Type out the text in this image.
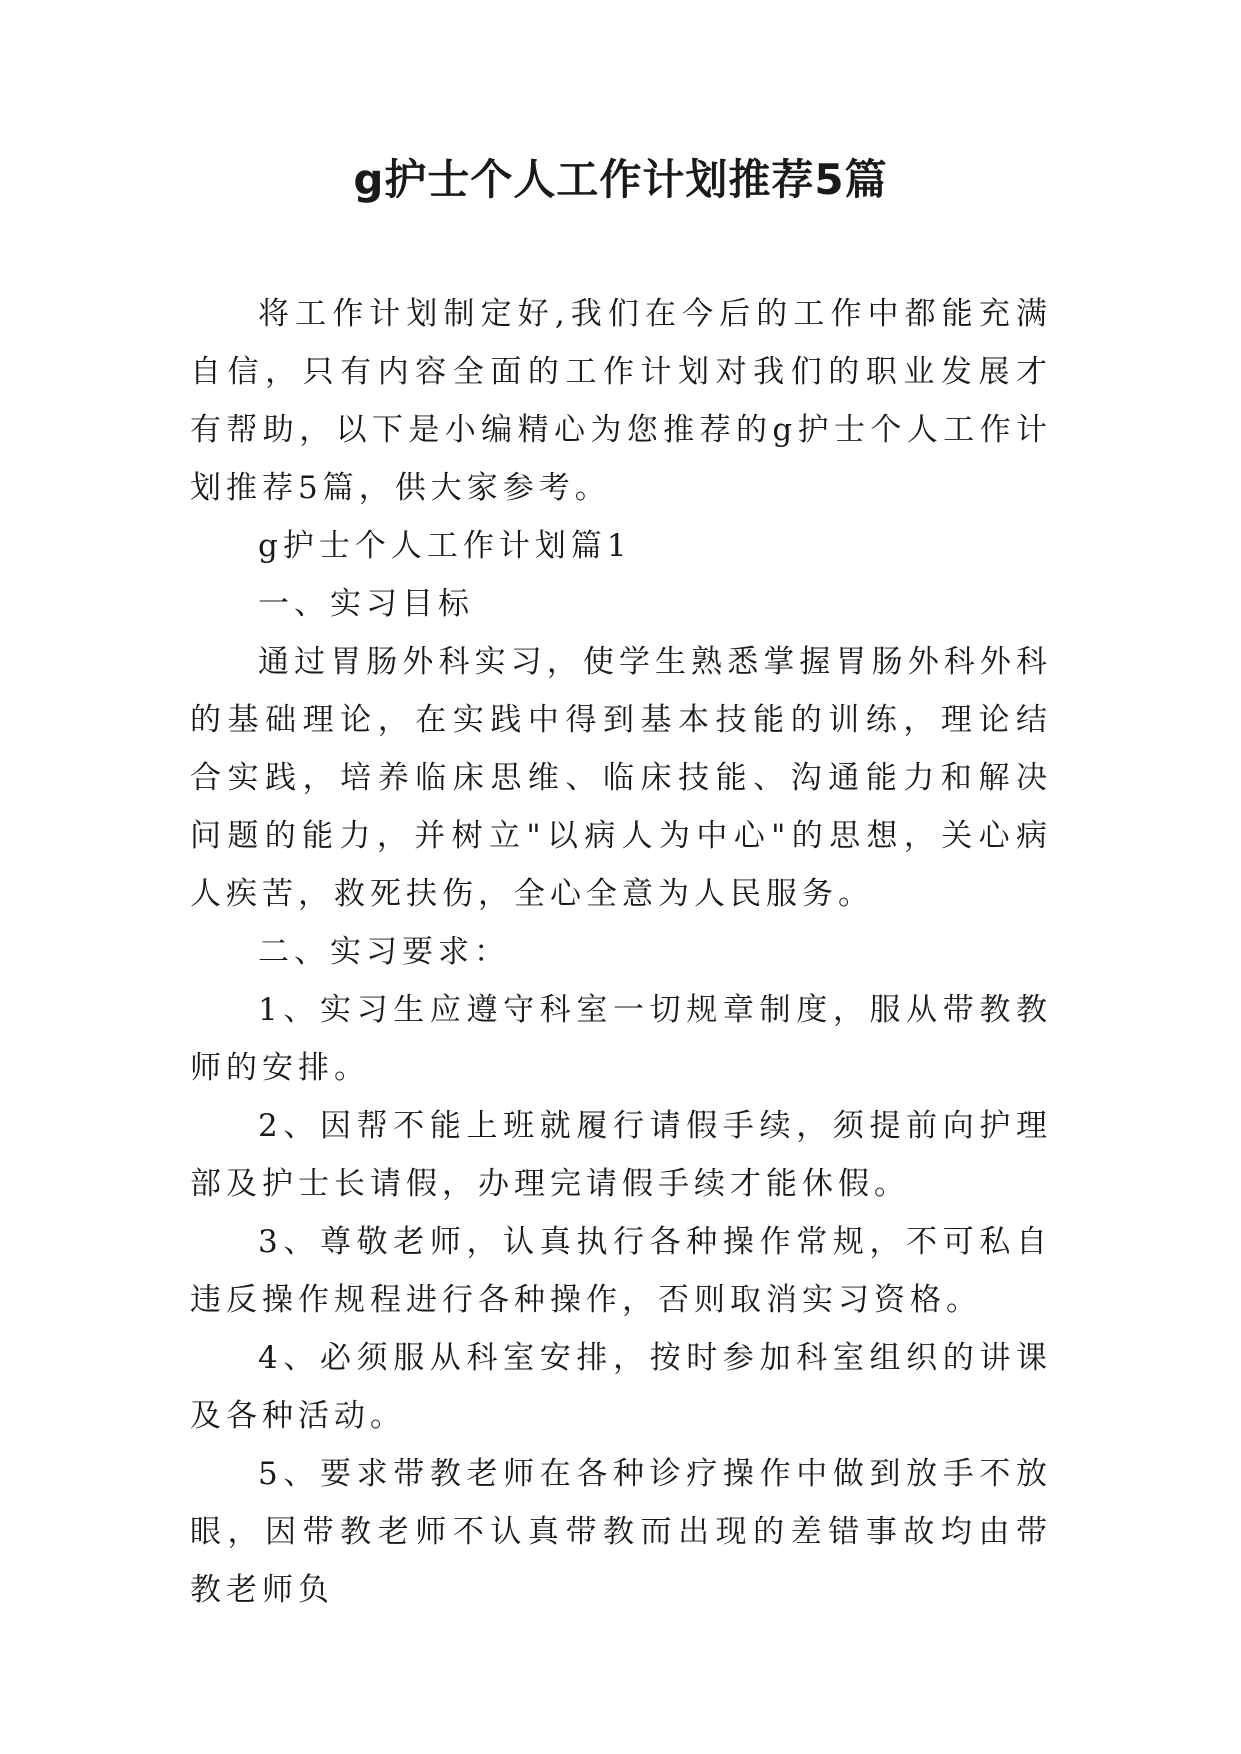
g护士个人工作计划推荐5篇

将工作计划制定好,我们在今后的工作中都能充满自信，只有内容全面的工作计划对我们的职业发展才有帮助，以下是小编精心为您推荐的g护士个人工作计划推荐5篇，供大家参考。

g护士个人工作计划篇1

一、实习目标

通过胃肠外科实习，使学生熟悉掌握胃肠外科外科的基础理论，在实践中得到基本技能的训练，理论结合实践，培养临床思维、临床技能、沟通能力和解决问题的能力，并树立"以病人为中心"的思想，关心病人疾苦，救死扶伤，全心全意为人民服务。

二、实习要求：

1、实习生应遵守科室一切规章制度，服从带教教师的安排。

2、因帮不能上班就履行请假手续，须提前向护理部及护士长请假，办理完请假手续才能休假。

3、尊敬老师，认真执行各种操作常规，不可私自违反操作规程进行各种操作，否则取消实习资格。

4、必须服从科室安排，按时参加科室组织的讲课及各种活动。

5、要求带教老师在各种诊疗操作中做到放手不放眼，因带教老师不认真带教而出现的差错事故均由带教老师负
